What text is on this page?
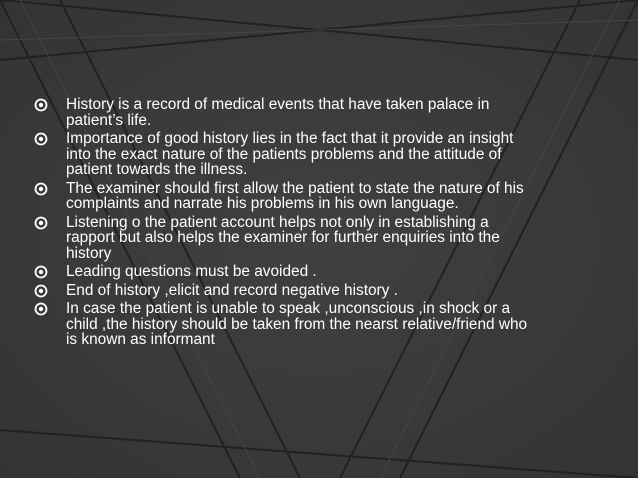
History is a record of medical events that have taken palace in patient’s life.
Importance of good history lies in the fact that it provide an insight into the exact nature of the patients problems and the attitude of patient towards the illness.
The examiner should first allow the patient to state the nature of his complaints and narrate his problems in his own language.
Listening o the patient account helps not only in establishing a rapport but also helps the examiner for further enquiries into the history
Leading questions must be avoided .
End of history ,elicit and record negative history .
In case the patient is unable to speak ,unconscious ,in shock or a child ,the history should be taken from the nearst relative/friend who is known as informant
